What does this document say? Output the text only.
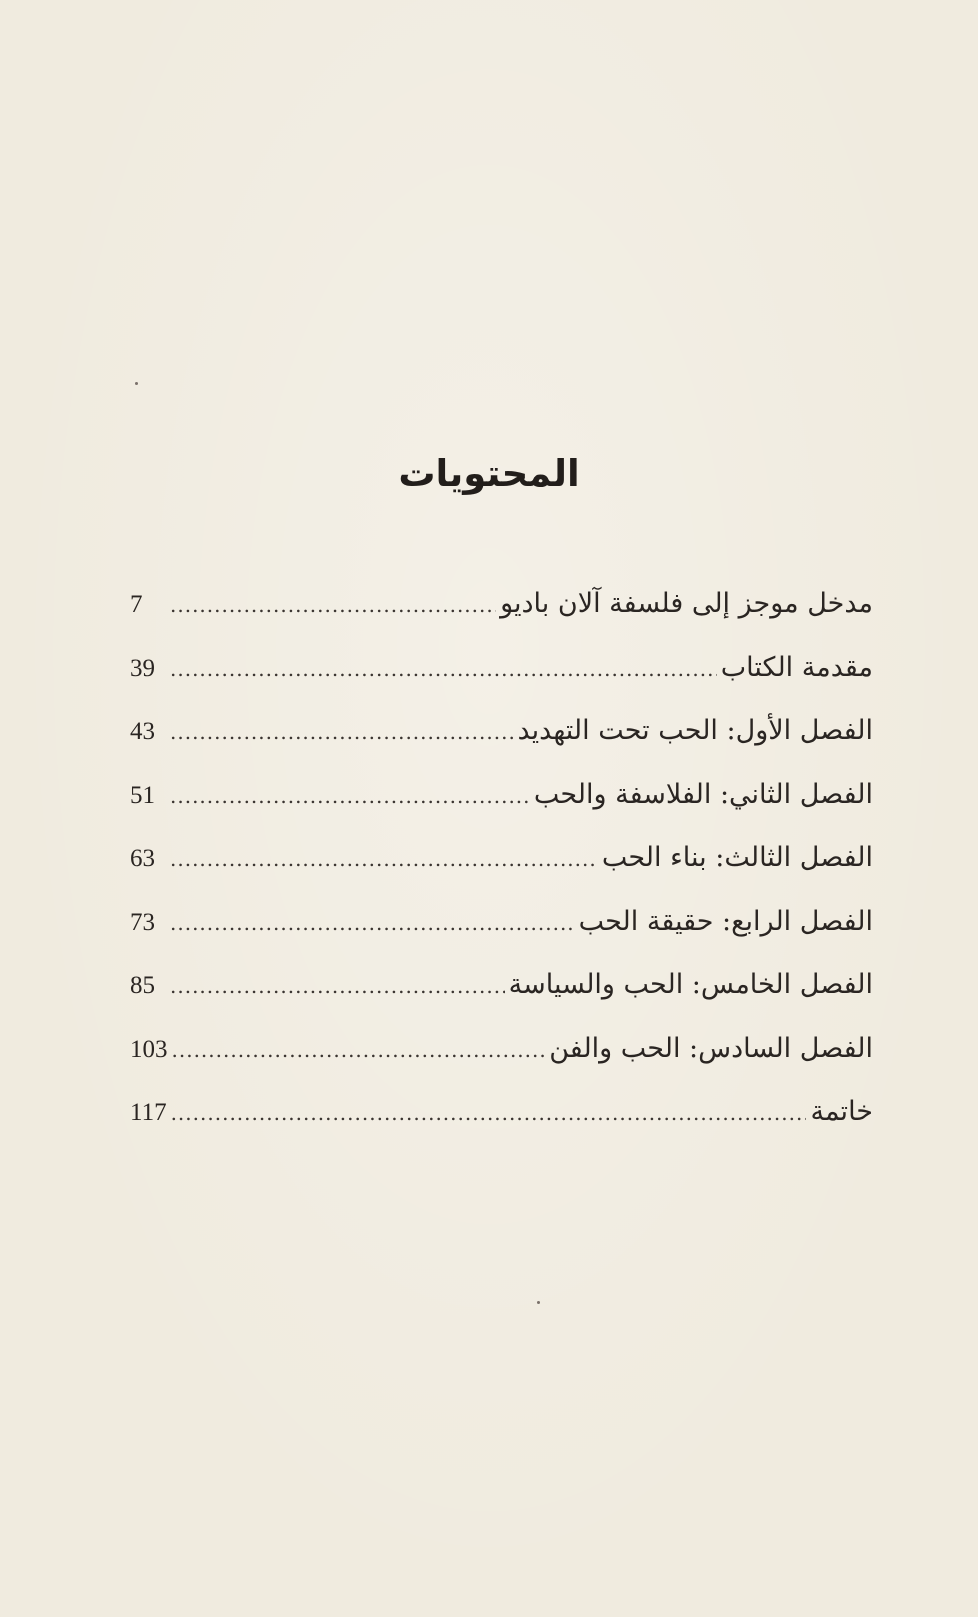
المحتويات
مدخل موجز إلى فلسفة آلان باديو
.....
7
مقدمة الكتاب
.....
39
الفصل الأول: الحب تحت التهديد
.....
43
الفصل الثاني: الفلاسفة والحب
.....
51
الفصل الثالث: بناء الحب
.....
63
الفصل الرابع: حقيقة الحب
.....
73
الفصل الخامس: الحب والسياسة
.....
85
الفصل السادس: الحب والفن
.....
103
خاتمة
.....
117
